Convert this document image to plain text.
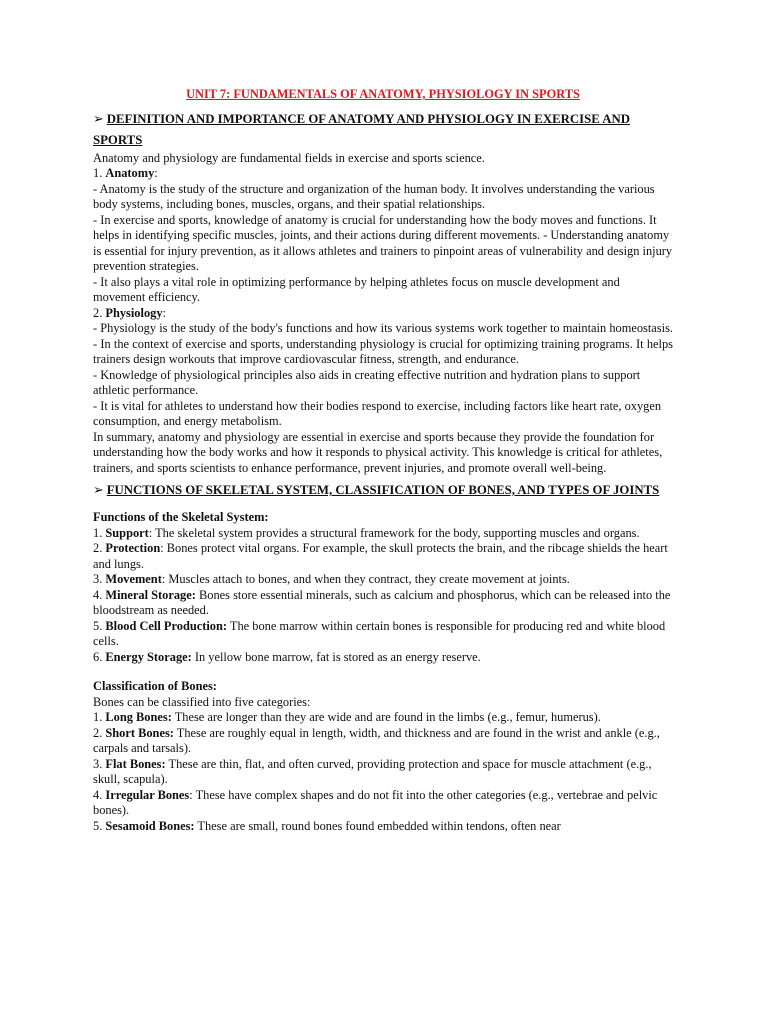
UNIT 7: FUNDAMENTALS OF ANATOMY, PHYSIOLOGY IN SPORTS

➢ DEFINITION AND IMPORTANCE OF ANATOMY AND PHYSIOLOGY IN EXERCISE AND SPORTS

Anatomy and physiology are fundamental fields in exercise and sports science.

1. Anatomy:

- Anatomy is the study of the structure and organization of the human body. It involves understanding the various body systems, including bones, muscles, organs, and their spatial relationships.

- In exercise and sports, knowledge of anatomy is crucial for understanding how the body moves and functions. It helps in identifying specific muscles, joints, and their actions during different movements. - Understanding anatomy is essential for injury prevention, as it allows athletes and trainers to pinpoint areas of vulnerability and design injury prevention strategies.

- It also plays a vital role in optimizing performance by helping athletes focus on muscle development and movement efficiency.

2. Physiology:

- Physiology is the study of the body's functions and how its various systems work together to maintain homeostasis. - In the context of exercise and sports, understanding physiology is crucial for optimizing training programs. It helps trainers design workouts that improve cardiovascular fitness, strength, and endurance.

- Knowledge of physiological principles also aids in creating effective nutrition and hydration plans to support athletic performance.

- It is vital for athletes to understand how their bodies respond to exercise, including factors like heart rate, oxygen consumption, and energy metabolism.

In summary, anatomy and physiology are essential in exercise and sports because they provide the foundation for understanding how the body works and how it responds to physical activity. This knowledge is critical for athletes, trainers, and sports scientists to enhance performance, prevent injuries, and promote overall well-being.

➢ FUNCTIONS OF SKELETAL SYSTEM, CLASSIFICATION OF BONES, AND TYPES OF JOINTS

Functions of the Skeletal System:

1. Support: The skeletal system provides a structural framework for the body, supporting muscles and organs.

2. Protection: Bones protect vital organs. For example, the skull protects the brain, and the ribcage shields the heart and lungs.

3. Movement: Muscles attach to bones, and when they contract, they create movement at joints.

4. Mineral Storage: Bones store essential minerals, such as calcium and phosphorus, which can be released into the bloodstream as needed.

5. Blood Cell Production: The bone marrow within certain bones is responsible for producing red and white blood cells.

6. Energy Storage: In yellow bone marrow, fat is stored as an energy reserve.

Classification of Bones:

Bones can be classified into five categories:

1. Long Bones: These are longer than they are wide and are found in the limbs (e.g., femur, humerus).

2. Short Bones: These are roughly equal in length, width, and thickness and are found in the wrist and ankle (e.g., carpals and tarsals).

3. Flat Bones: These are thin, flat, and often curved, providing protection and space for muscle attachment (e.g., skull, scapula).

4. Irregular Bones: These have complex shapes and do not fit into the other categories (e.g., vertebrae and pelvic bones).

5. Sesamoid Bones: These are small, round bones found embedded within tendons, often near
